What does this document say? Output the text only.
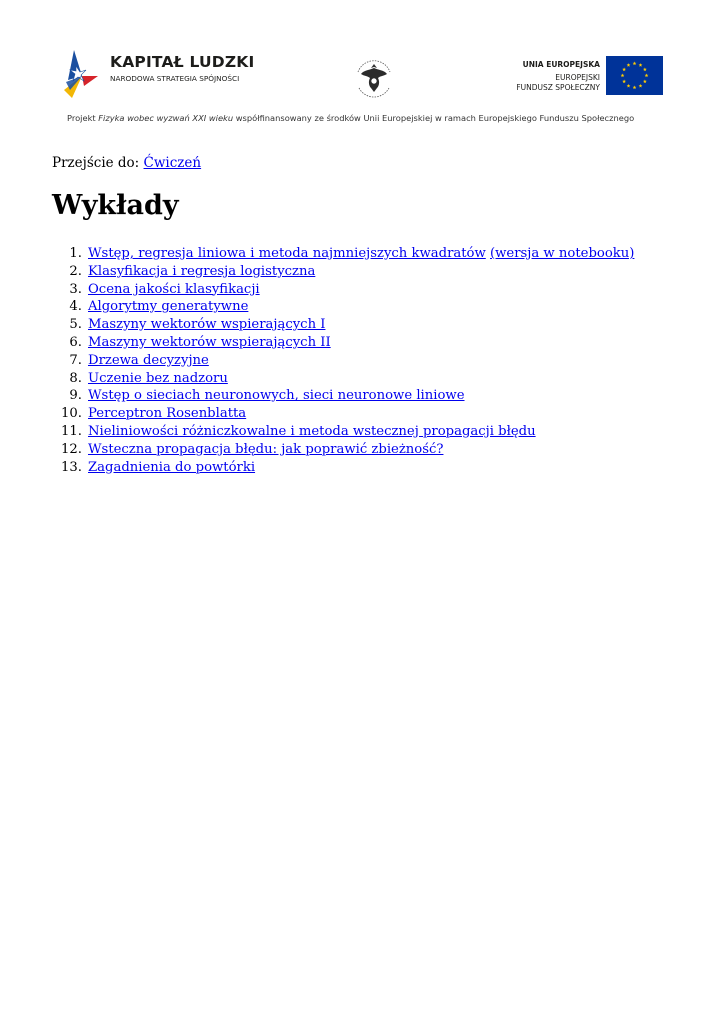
KAPITAŁ LUDZKI
NARODOWA STRATEGIA SPÓJNOŚCI
UNIA EUROPEJSKA
EUROPEJSKI
FUNDUSZ SPOŁECZNY
Projekt Fizyka wobec wyzwań XXI wieku współfinansowany ze środków Unii Europejskiej w ramach Europejskiego Funduszu Społecznego
Przejście do: Ćwiczeń
Wykłady
1. Wstęp, regresja liniowa i metoda najmniejszych kwadratów (wersja w notebooku)
2. Klasyfikacja i regresja logistyczna
3. Ocena jakości klasyfikacji
4. Algorytmy generatywne
5. Maszyny wektorów wspierających I
6. Maszyny wektorów wspierających II
7. Drzewa decyzyjne
8. Uczenie bez nadzoru
9. Wstęp o sieciach neuronowych, sieci neuronowe liniowe
10. Perceptron Rosenblatta
11. Nieliniowości różniczkowalne i metoda wstecznej propagacji błędu
12. Wsteczna propagacja błędu: jak poprawić zbieżność?
13. Zagadnienia do powtórki
